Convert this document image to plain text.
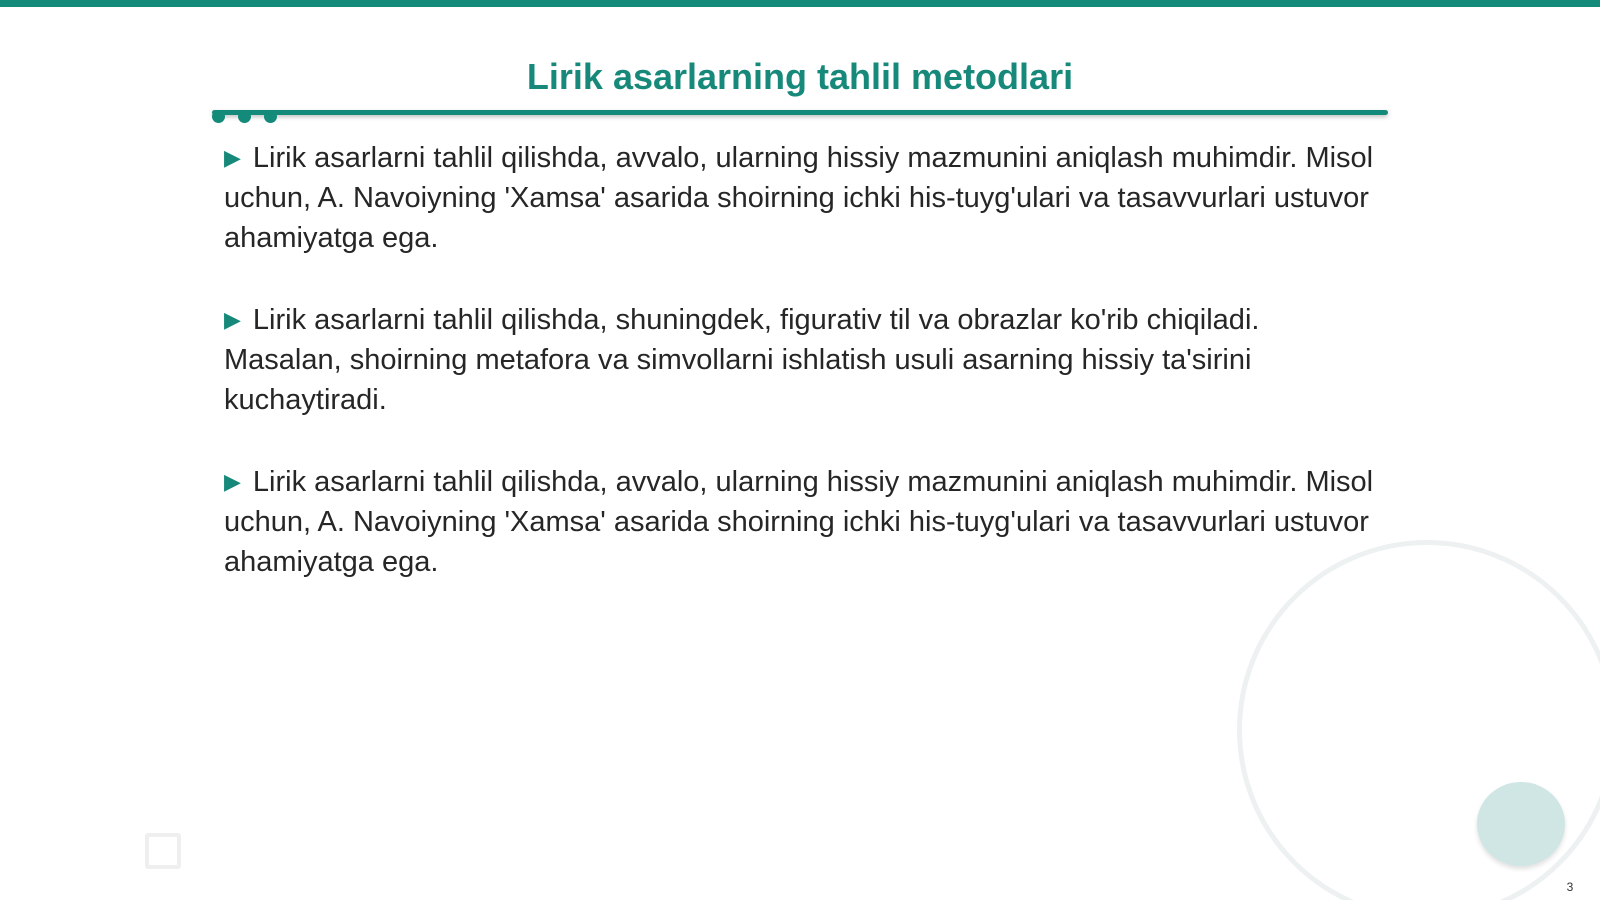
Lirik asarlarning tahlil metodlari

▶ Lirik asarlarni tahlil qilishda, avvalo, ularning hissiy mazmunini aniqlash muhimdir. Misol uchun, A. Navoiyning 'Xamsa' asarida shoirning ichki his-tuyg'ulari va tasavvurlari ustuvor ahamiyatga ega.

▶ Lirik asarlarni tahlil qilishda, shuningdek, figurativ til va obrazlar ko'rib chiqiladi. Masalan, shoirning metafora va simvollarni ishlatish usuli asarning hissiy ta'sirini kuchaytiradi.

▶ Lirik asarlarni tahlil qilishda, avvalo, ularning hissiy mazmunini aniqlash muhimdir. Misol uchun, A. Navoiyning 'Xamsa' asarida shoirning ichki his-tuyg'ulari va tasavvurlari ustuvor ahamiyatga ega.

3
